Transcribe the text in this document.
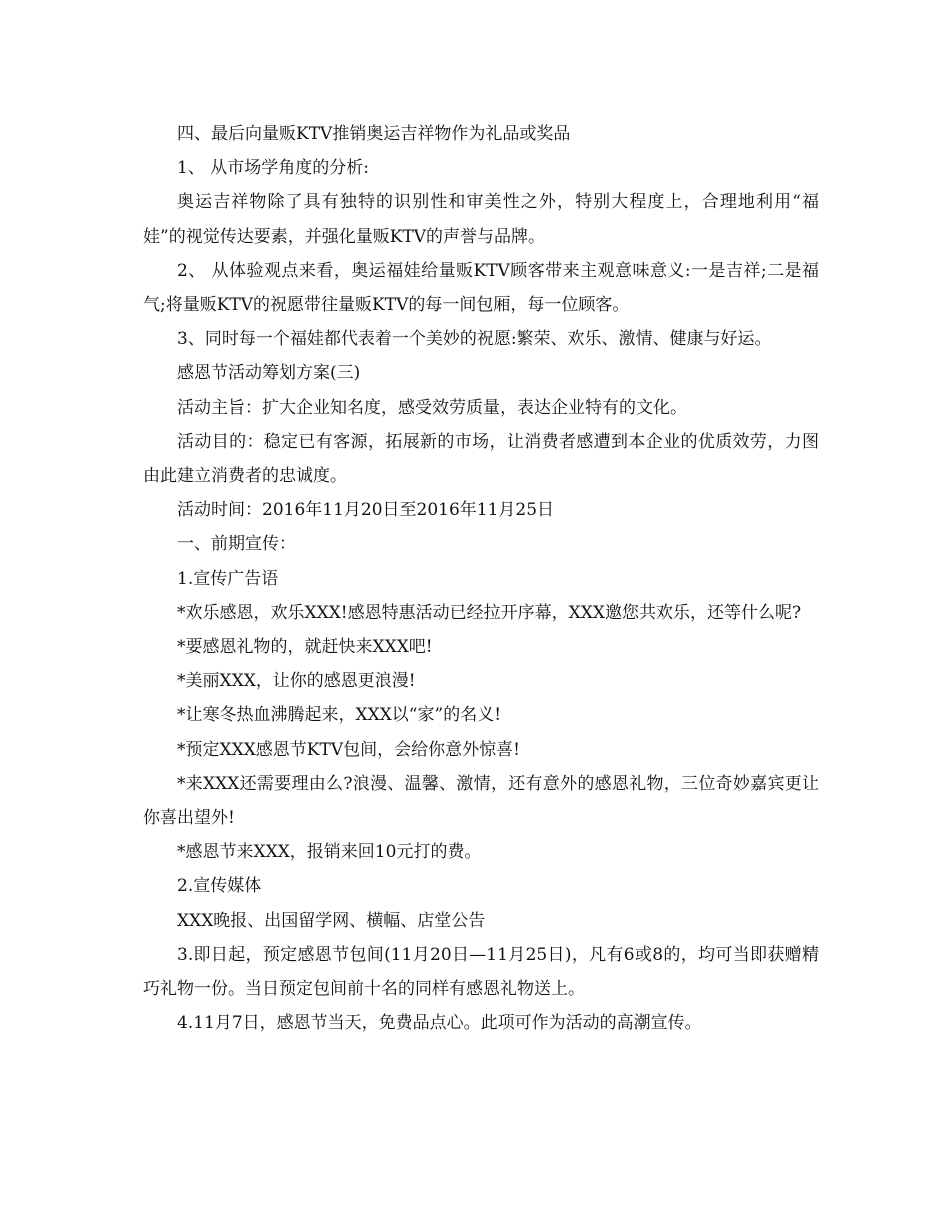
四、最后向量贩KTV推销奥运吉祥物作为礼品或奖品

1、 从市场学角度的分析:

奥运吉祥物除了具有独特的识别性和审美性之外，特别大程度上，合理地利用“福娃”的视觉传达要素，并强化量贩KTV的声誉与品牌。

2、 从体验观点来看，奥运福娃给量贩KTV顾客带来主观意味意义:一是吉祥;二是福气;将量贩KTV的祝愿带往量贩KTV的每一间包厢，每一位顾客。

3、同时每一个福娃都代表着一个美妙的祝愿:繁荣、欢乐、激情、健康与好运。

感恩节活动筹划方案(三)

活动主旨：扩大企业知名度，感受效劳质量，表达企业特有的文化。

活动目的：稳定已有客源，拓展新的市场，让消费者感遭到本企业的优质效劳，力图由此建立消费者的忠诚度。

活动时间：2016年11月20日至2016年11月25日

一、前期宣传：

1.宣传广告语

*欢乐感恩，欢乐XXX!感恩特惠活动已经拉开序幕，XXX邀您共欢乐，还等什么呢?

*要感恩礼物的，就赶快来XXX吧!

*美丽XXX，让你的感恩更浪漫!

*让寒冬热血沸腾起来，XXX以“家”的名义!

*预定XXX感恩节KTV包间，会给你意外惊喜!

*来XXX还需要理由么?浪漫、温馨、激情，还有意外的感恩礼物，三位奇妙嘉宾更让你喜出望外!

*感恩节来XXX，报销来回10元打的费。

2.宣传媒体

XXX晚报、出国留学网、横幅、店堂公告

3.即日起，预定感恩节包间(11月20日—11月25日)，凡有6或8的，均可当即获赠精巧礼物一份。当日预定包间前十名的同样有感恩礼物送上。

4.11月7日，感恩节当天，免费品点心。此项可作为活动的高潮宣传。
